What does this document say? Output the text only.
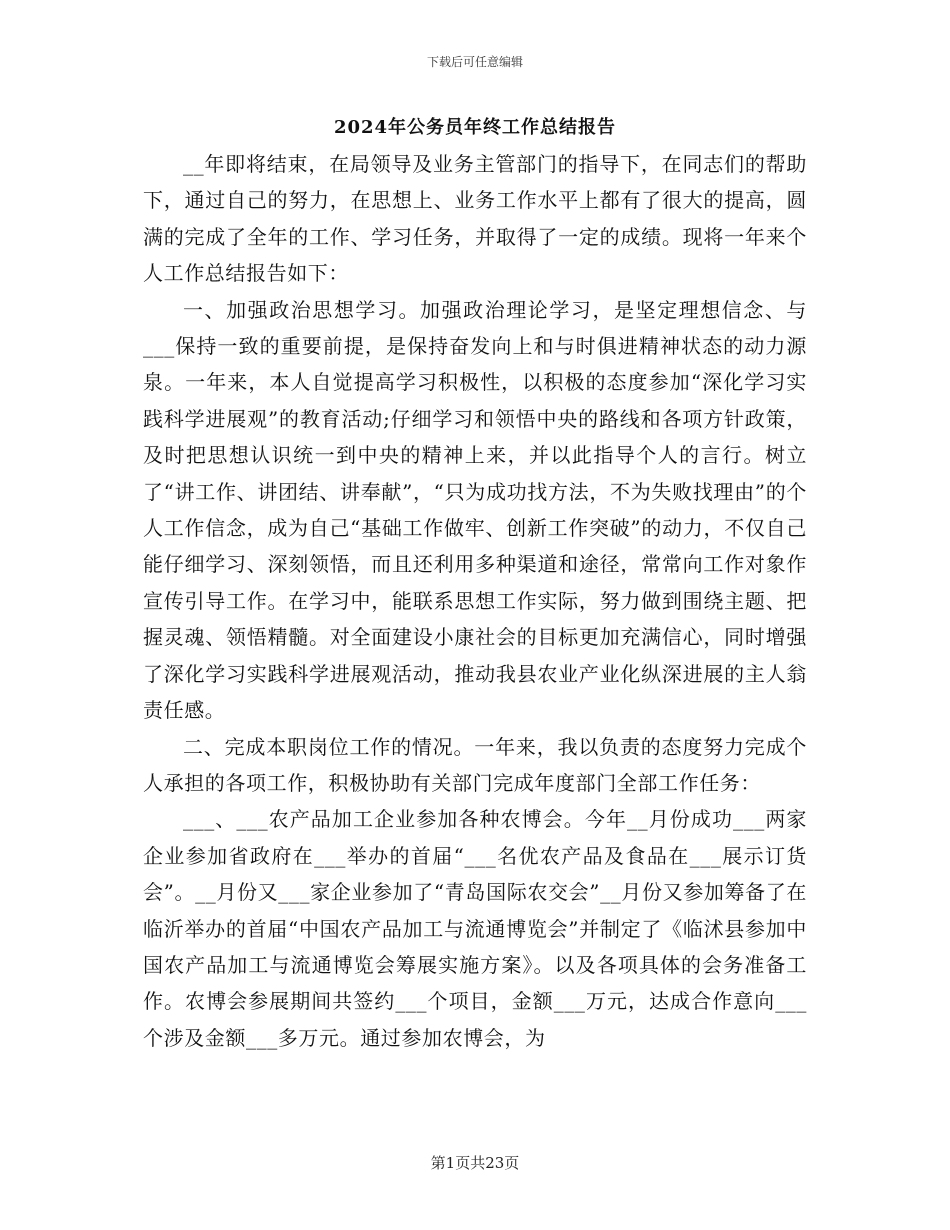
下载后可任意编辑
2024年公务员年终工作总结报告

__年即将结束，在局领导及业务主管部门的指导下，在同志们的帮助下，通过自己的努力，在思想上、业务工作水平上都有了很大的提高，圆满的完成了全年的工作、学习任务，并取得了一定的成绩。现将一年来个人工作总结报告如下：

一、加强政治思想学习。加强政治理论学习，是坚定理想信念、与___保持一致的重要前提，是保持奋发向上和与时俱进精神状态的动力源泉。一年来，本人自觉提高学习积极性，以积极的态度参加“深化学习实践科学进展观”的教育活动;仔细学习和领悟中央的路线和各项方针政策，及时把思想认识统一到中央的精神上来，并以此指导个人的言行。树立了“讲工作、讲团结、讲奉献”，“只为成功找方法，不为失败找理由”的个人工作信念，成为自己“基础工作做牢、创新工作突破”的动力，不仅自己能仔细学习、深刻领悟，而且还利用多种渠道和途径，常常向工作对象作宣传引导工作。在学习中，能联系思想工作实际，努力做到围绕主题、把握灵魂、领悟精髓。对全面建设小康社会的目标更加充满信心，同时增强了深化学习实践科学进展观活动，推动我县农业产业化纵深进展的主人翁责任感。

二、完成本职岗位工作的情况。一年来，我以负责的态度努力完成个人承担的各项工作，积极协助有关部门完成年度部门全部工作任务：

___、___农产品加工企业参加各种农博会。今年__月份成功___两家企业参加省政府在___举办的首届“___名优农产品及食品在___展示订货会”。__月份又___家企业参加了“青岛国际农交会”__月份又参加筹备了在临沂举办的首届“中国农产品加工与流通博览会”并制定了《临沭县参加中国农产品加工与流通博览会筹展实施方案》。以及各项具体的会务准备工作。农博会参展期间共签约___个项目，金额___万元，达成合作意向___个涉及金额___多万元。通过参加农博会，为

第1页共23页
